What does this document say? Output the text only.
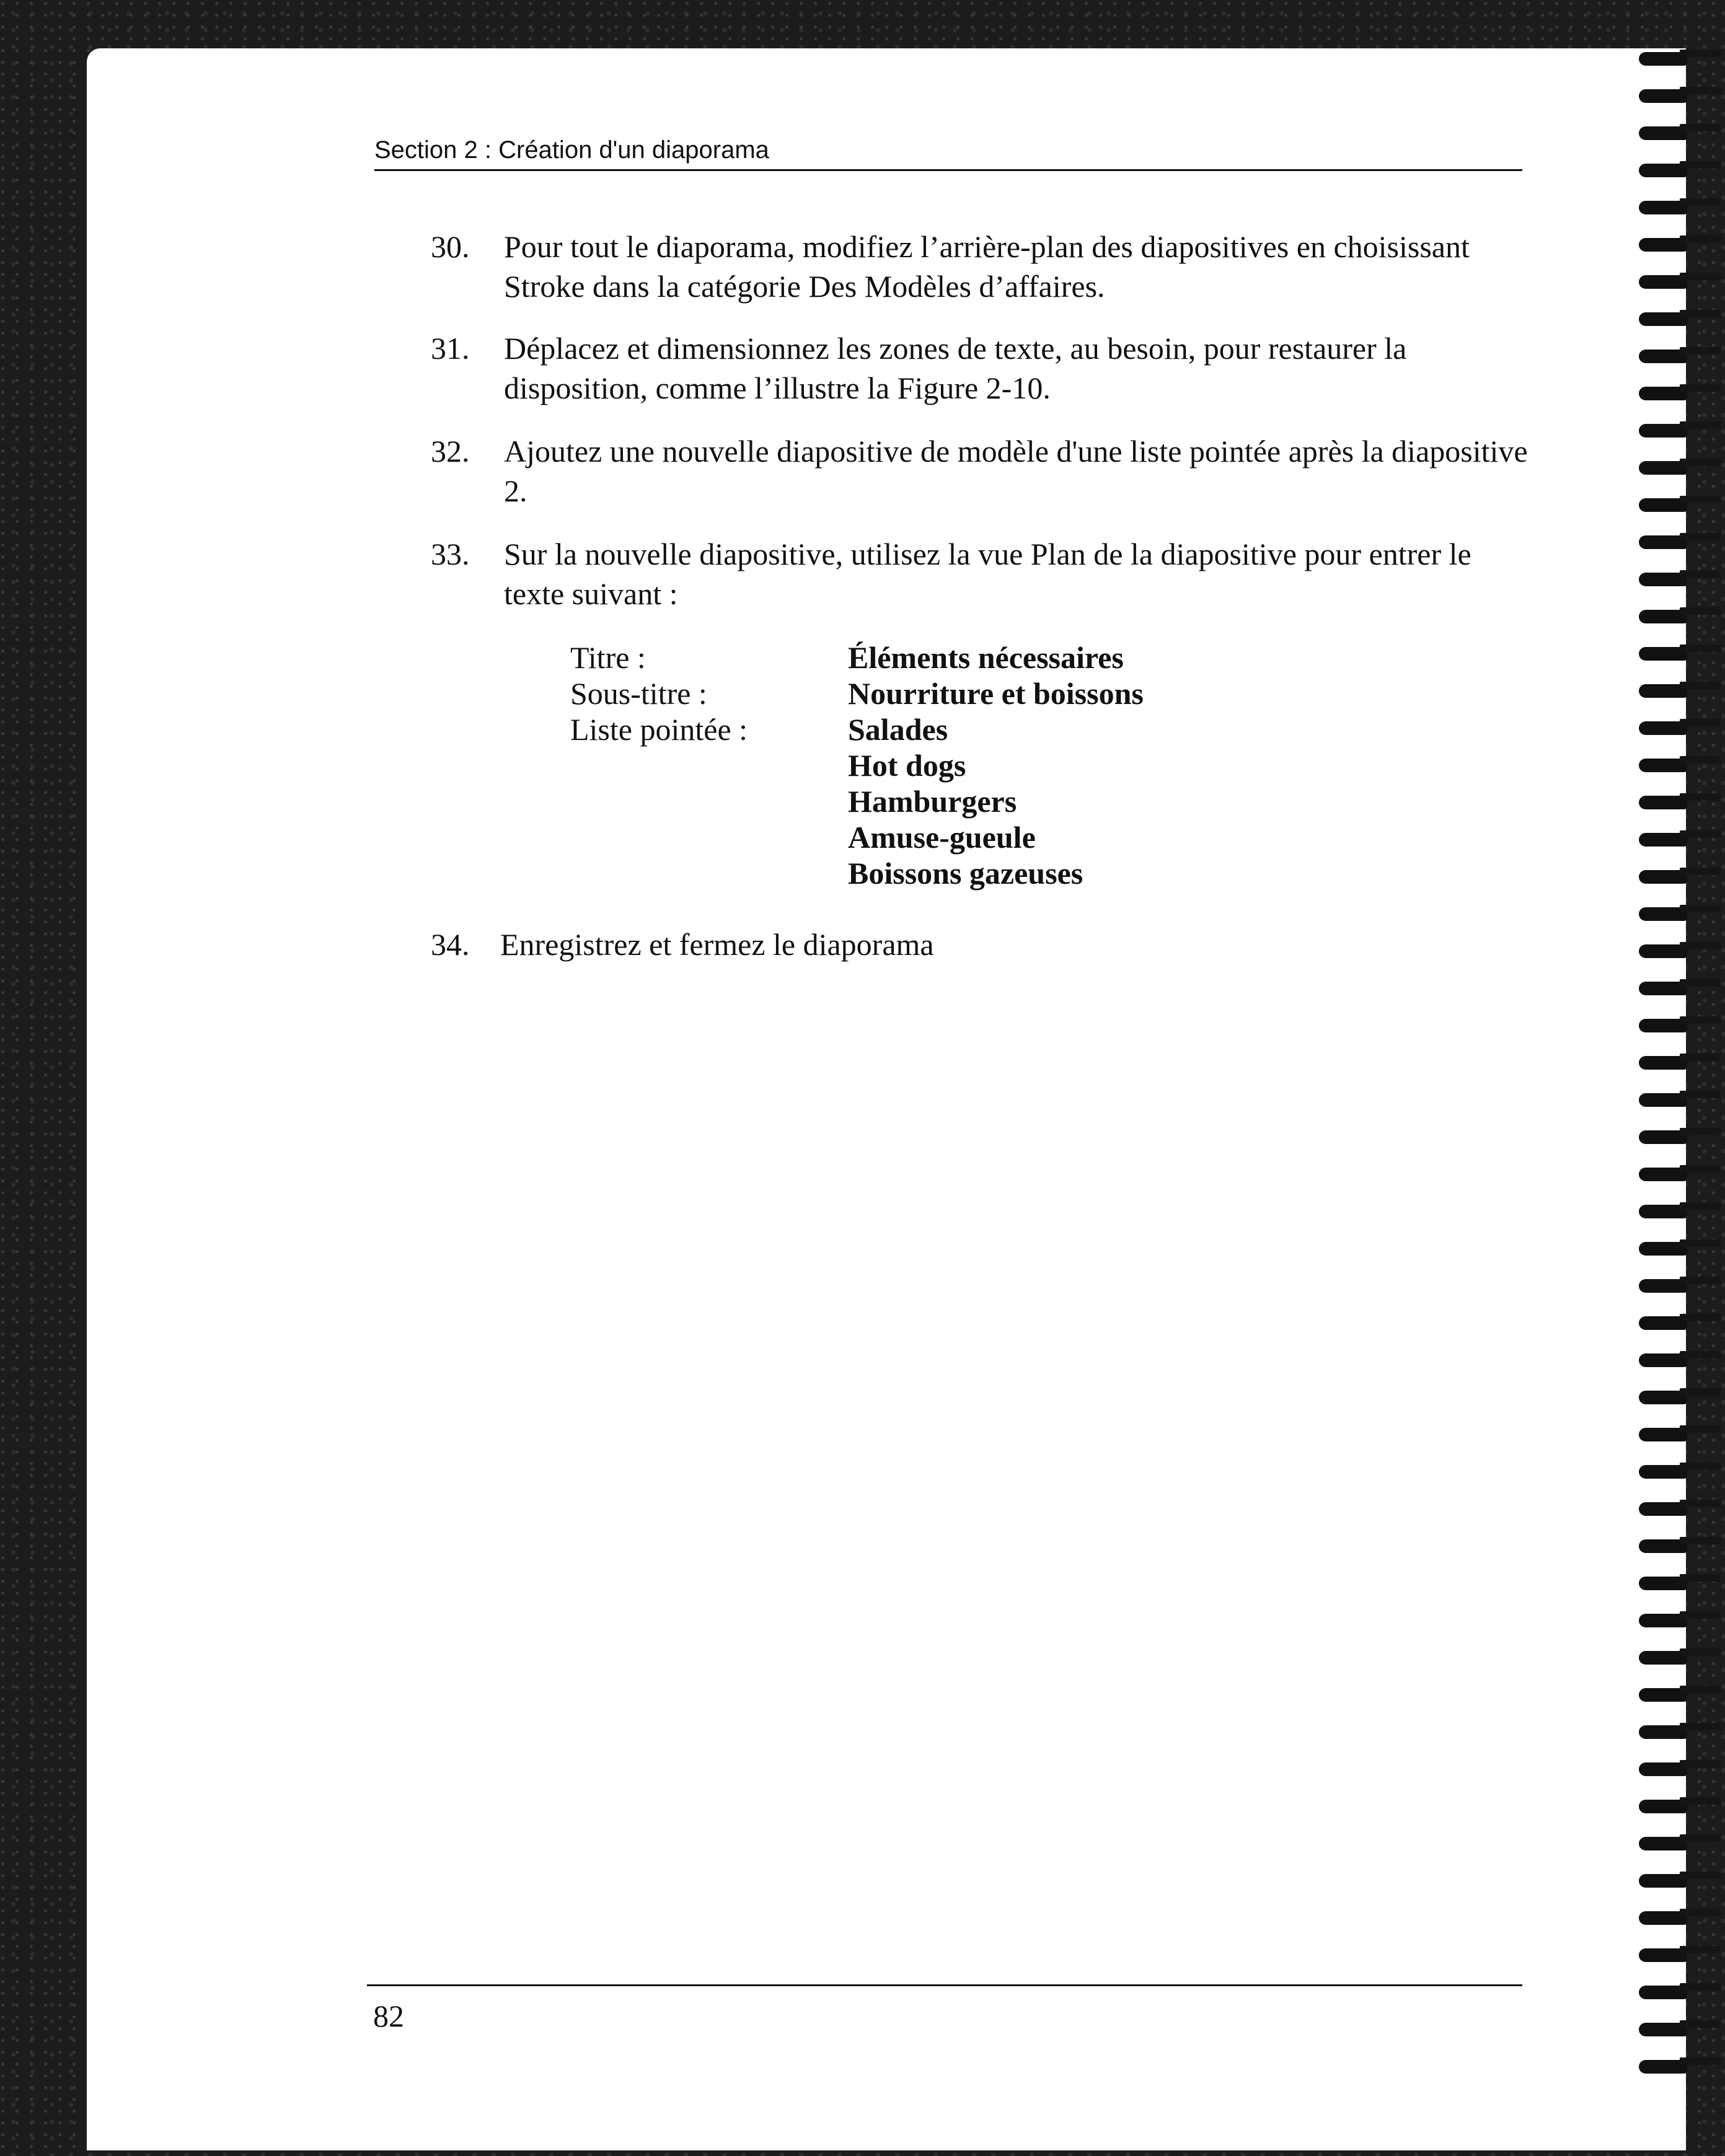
Section 2 : Création d'un diaporama
30.	Pour tout le diaporama, modifiez l’arrière-plan des diapositives en choisissant Stroke dans la catégorie Des Modèles d’affaires.
31.	Déplacez et dimensionnez les zones de texte, au besoin, pour restaurer la disposition, comme l’illustre la Figure 2-10.
32.	Ajoutez une nouvelle diapositive de modèle d'une liste pointée après la diapositive 2.
33.	Sur la nouvelle diapositive, utilisez la vue Plan de la diapositive pour entrer le texte suivant :
Titre :	Éléments nécessaires
Sous-titre :	Nourriture et boissons
Liste pointée :	Salades
Hot dogs
Hamburgers
Amuse-gueule
Boissons gazeuses
34. Enregistrez et fermez le diaporama
82
